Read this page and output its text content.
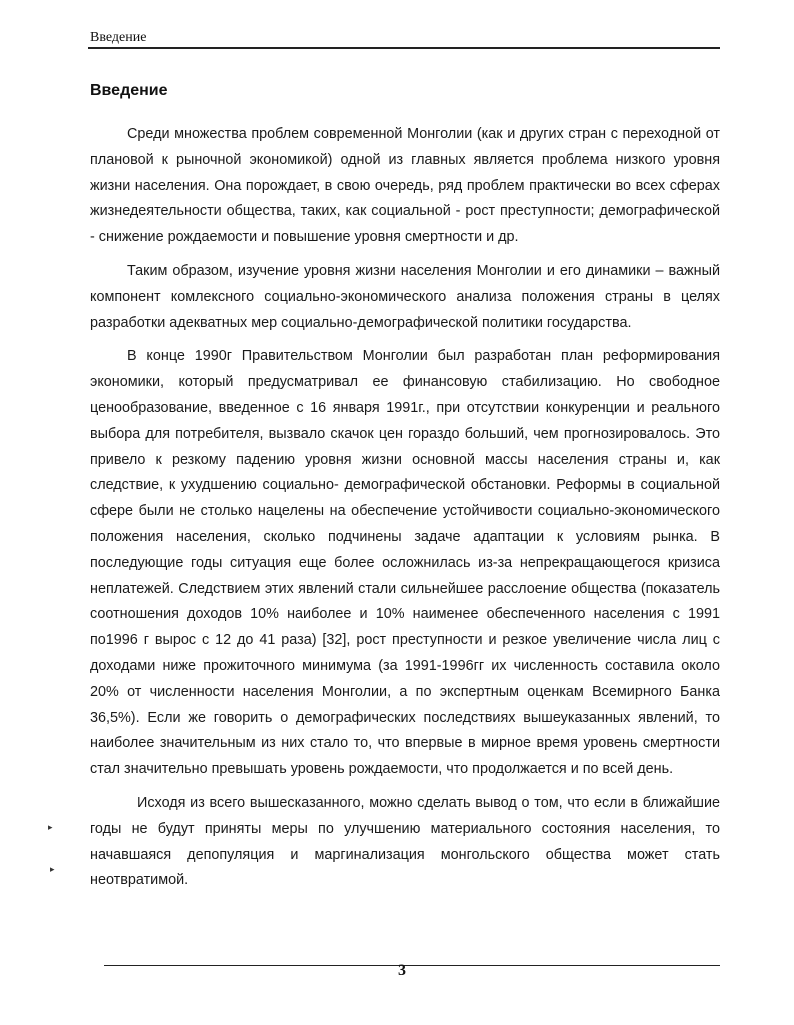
Введение
Введение

Среди множества проблем современной Монголии (как и других стран с переходной от плановой к рыночной экономикой) одной из главных является проблема низкого уровня жизни населения. Она порождает, в свою очередь, ряд проблем практически во всех сферах жизнедеятельности общества, таких, как социальной - рост преступности; демографической - снижение рождаемости и повышение уровня смертности и др.

Таким образом, изучение уровня жизни населения Монголии и его динамики – важный компонент комлексного социально-экономического анализа положения страны в целях разработки адекватных мер социально-демографической политики государства.

В конце 1990г Правительством Монголии был разработан план реформирования экономики, который предусматривал ее финансовую стабилизацию. Но свободное ценообразование, введенное с 16 января 1991г., при отсутствии конкуренции и реального выбора для потребителя, вызвало скачок цен гораздо больший, чем прогнозировалось. Это привело к резкому падению уровня жизни основной массы населения страны и, как следствие, к ухудшению социально- демографической обстановки. Реформы в социальной сфере были не столько нацелены на обеспечение устойчивости социально-экономического положения населения, сколько подчинены задаче адаптации к условиям рынка. В последующие годы ситуация еще более осложнилась из-за непрекращающегося кризиса неплатежей. Следствием этих явлений стали сильнейшее расслоение общества (показатель соотношения доходов 10% наиболее и 10% наименее обеспеченного населения с 1991 по1996 г вырос с 12 до 41 раза) [32], рост преступности и резкое увеличение числа лиц с доходами ниже прожиточного минимума (за 1991-1996гг их численность составила около 20% от численности населения Монголии, а по экспертным оценкам Всемирного Банка 36,5%). Если же говорить о демографических последствиях вышеуказанных явлений, то наиболее значительным из них стало то, что впервые в мирное время уровень смертности стал значительно превышать уровень рождаемости, что продолжается и по всей день.

Исходя из всего вышесказанного, можно сделать вывод о том, что если в ближайшие годы не будут приняты меры по улучшению материального состояния населения, то начавшаяся депопуляция и маргинализация монгольского общества может стать неотвратимой.

▸
▸
3
